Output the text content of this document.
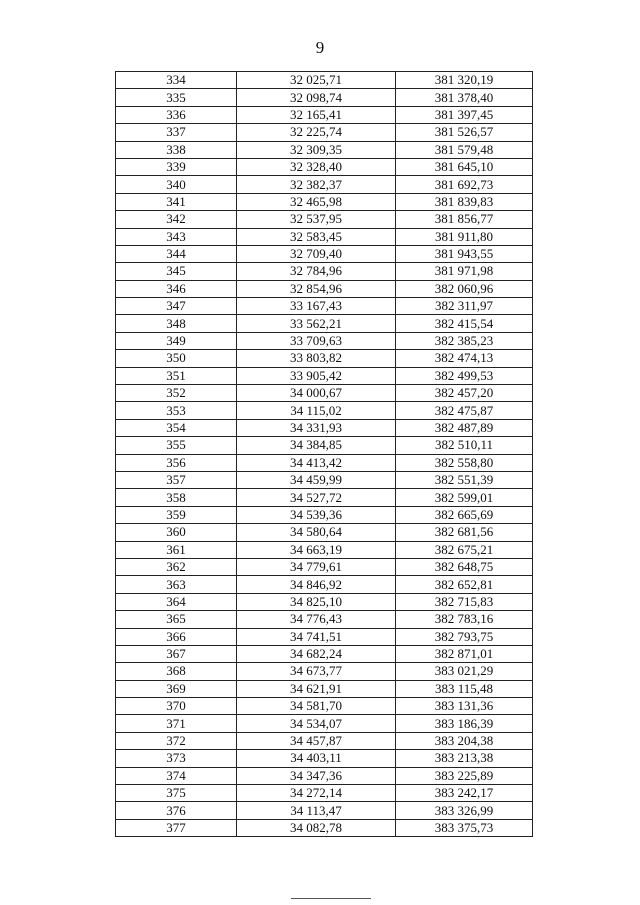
9
334	32 025,71	381 320,19
335	32 098,74	381 378,40
336	32 165,41	381 397,45
337	32 225,74	381 526,57
338	32 309,35	381 579,48
339	32 328,40	381 645,10
340	32 382,37	381 692,73
341	32 465,98	381 839,83
342	32 537,95	381 856,77
343	32 583,45	381 911,80
344	32 709,40	381 943,55
345	32 784,96	381 971,98
346	32 854,96	382 060,96
347	33 167,43	382 311,97
348	33 562,21	382 415,54
349	33 709,63	382 385,23
350	33 803,82	382 474,13
351	33 905,42	382 499,53
352	34 000,67	382 457,20
353	34 115,02	382 475,87
354	34 331,93	382 487,89
355	34 384,85	382 510,11
356	34 413,42	382 558,80
357	34 459,99	382 551,39
358	34 527,72	382 599,01
359	34 539,36	382 665,69
360	34 580,64	382 681,56
361	34 663,19	382 675,21
362	34 779,61	382 648,75
363	34 846,92	382 652,81
364	34 825,10	382 715,83
365	34 776,43	382 783,16
366	34 741,51	382 793,75
367	34 682,24	382 871,01
368	34 673,77	383 021,29
369	34 621,91	383 115,48
370	34 581,70	383 131,36
371	34 534,07	383 186,39
372	34 457,87	383 204,38
373	34 403,11	383 213,38
374	34 347,36	383 225,89
375	34 272,14	383 242,17
376	34 113,47	383 326,99
377	34 082,78	383 375,73
